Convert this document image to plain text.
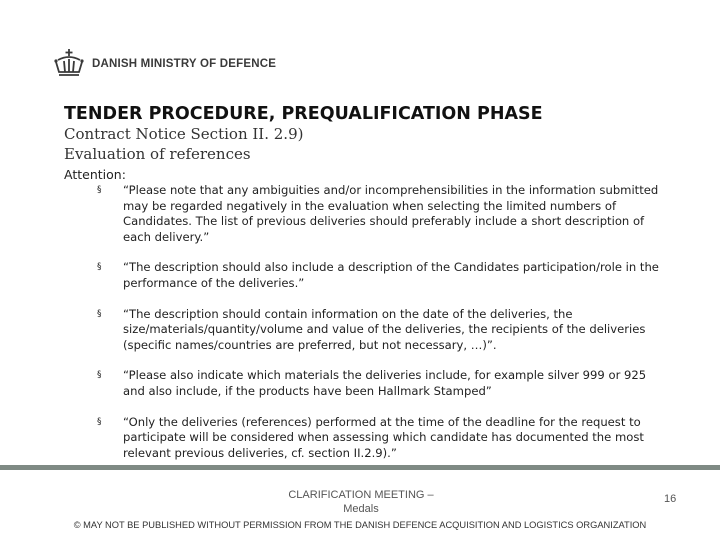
DANISH MINISTRY OF DEFENCE
TENDER PROCEDURE, PREQUALIFICATION PHASE
Contract Notice Section II. 2.9)
Evaluation of references
Attention:
§ “Please note that any ambiguities and/or incomprehensibilities in the information submitted may be regarded negatively in the evaluation when selecting the limited numbers of Candidates. The list of previous deliveries should preferably include a short description of each delivery.”
§ “The description should also include a description of the Candidates participation/role in the performance of the deliveries.”
§ “The description should contain information on the date of the deliveries, the size/materials/quantity/volume and value of the deliveries, the recipients of the deliveries (specific names/countries are preferred, but not necessary, …)”.
§ “Please also indicate which materials the deliveries include, for example silver 999 or 925 and also include, if the products have been Hallmark Stamped”
§ “Only the deliveries (references) performed at the time of the deadline for the request to participate will be considered when assessing which candidate has documented the most relevant previous deliveries, cf. section II.2.9).”
CLARIFICATION MEETING –
Medals
16
© MAY NOT BE PUBLISHED WITHOUT PERMISSION FROM THE DANISH DEFENCE ACQUISITION AND LOGISTICS ORGANIZATION
